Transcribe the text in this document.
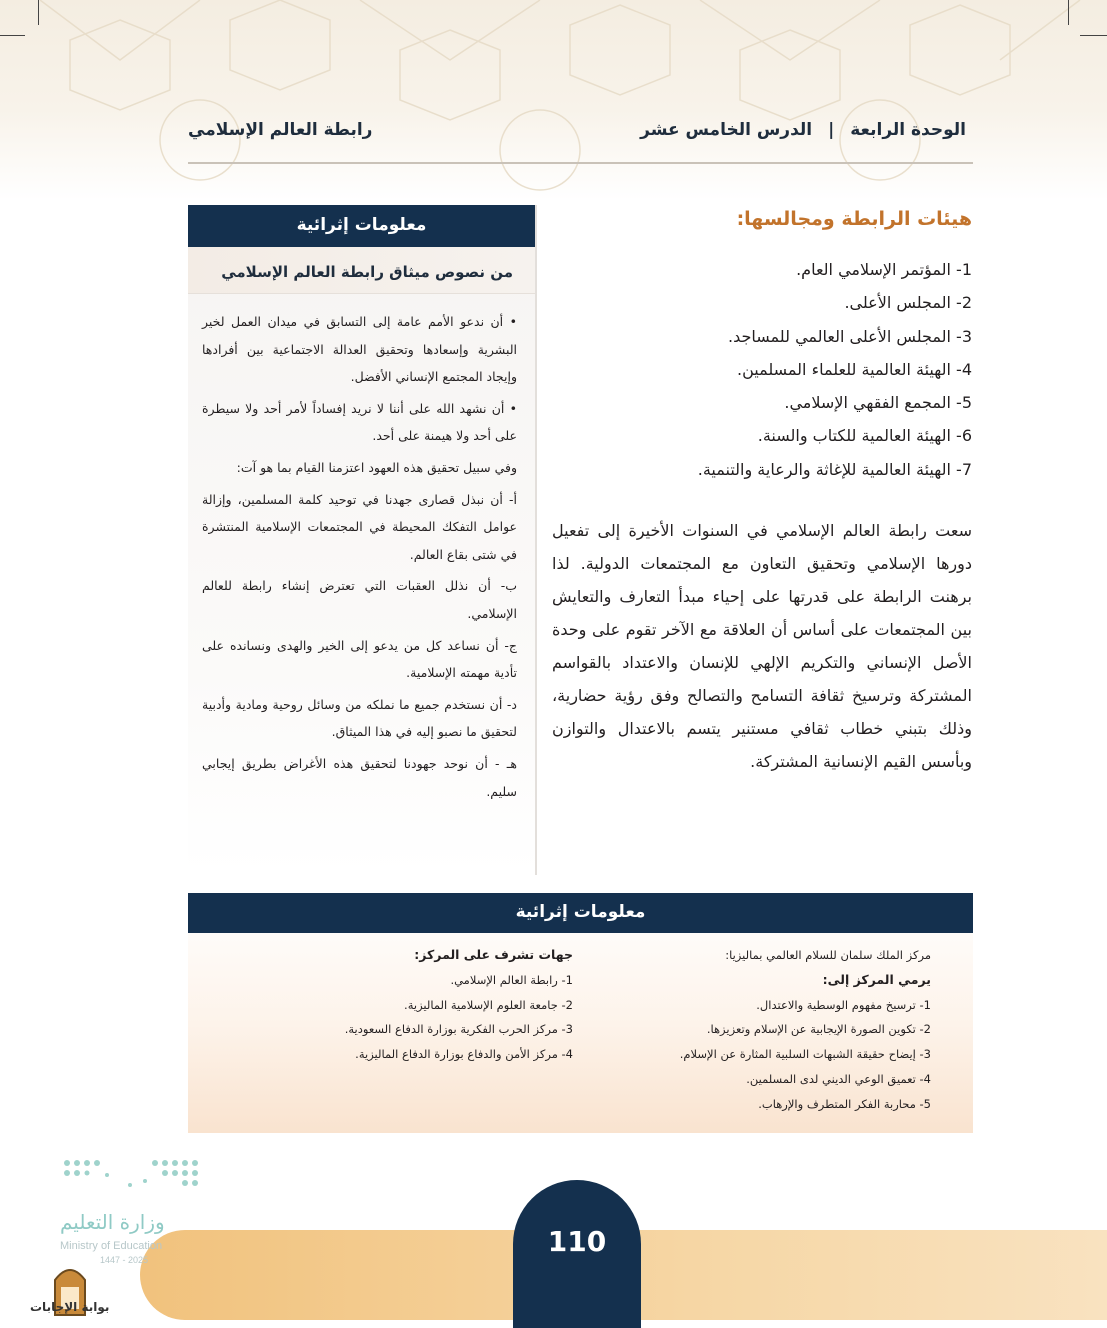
الوحدة الرابعة | الدرس الخامس عشر
رابطة العالم الإسلامي
هيئات الرابطة ومجالسها:
1- المؤتمر الإسلامي العام.
2- المجلس الأعلى.
3- المجلس الأعلى العالمي للمساجد.
4- الهيئة العالمية للعلماء المسلمين.
5- المجمع الفقهي الإسلامي.
6- الهيئة العالمية للكتاب والسنة.
7- الهيئة العالمية للإغاثة والرعاية والتنمية.

سعت رابطة العالم الإسلامي في السنوات الأخيرة إلى تفعيل دورها الإسلامي وتحقيق التعاون مع المجتمعات الدولية. لذا برهنت الرابطة على قدرتها على إحياء مبدأ التعارف والتعايش بين المجتمعات على أساس أن العلاقة مع الآخر تقوم على وحدة الأصل الإنساني والتكريم الإلهي للإنسان والاعتداد بالقواسم المشتركة وترسيخ ثقافة التسامح والتصالح وفق رؤية حضارية، وذلك بتبني خطاب ثقافي مستنير يتسم بالاعتدال والتوازن وبأسس القيم الإنسانية المشتركة.

معلومات إثرائية
من نصوص ميثاق رابطة العالم الإسلامي

• أن ندعو الأمم عامة إلى التسابق في ميدان العمل لخير البشرية وإسعادها وتحقيق العدالة الاجتماعية بين أفرادها وإيجاد المجتمع الإنساني الأفضل.

• أن نشهد الله على أننا لا نريد إفساداً لأمر أحد ولا سيطرة على أحد ولا هيمنة على أحد.

وفي سبيل تحقيق هذه العهود اعتزمنا القيام بما هو آت:

أ- أن نبذل قصارى جهدنا في توحيد كلمة المسلمين، وإزالة عوامل التفكك المحيطة في المجتمعات الإسلامية المنتشرة في شتى بقاع العالم.

ب- أن نذلل العقبات التي تعترض إنشاء رابطة للعالم الإسلامي.

ج- أن نساعد كل من يدعو إلى الخير والهدى ونسانده على تأدية مهمته الإسلامية.

د- أن نستخدم جميع ما نملكه من وسائل روحية ومادية وأدبية لتحقيق ما نصبو إليه في هذا الميثاق.

هـ - أن نوحد جهودنا لتحقيق هذه الأغراض بطريق إيجابي سليم.

معلومات إثرائية
مركز الملك سلمان للسلام العالمي بماليزيا:
يرمي المركز إلى:
1- ترسيخ مفهوم الوسطية والاعتدال.
2- تكوين الصورة الإيجابية عن الإسلام وتعزيزها.
3- إيضاح حقيقة الشبهات السلبية المثارة عن الإسلام.
4- تعميق الوعي الديني لدى المسلمين.
5- محاربة الفكر المتطرف والإرهاب.
جهات تشرف على المركز:
1- رابطة العالم الإسلامي.
2- جامعة العلوم الإسلامية الماليزية.
3- مركز الحرب الفكرية بوزارة الدفاع السعودية.
4- مركز الأمن والدفاع بوزارة الدفاع الماليزية.
110
وزارة التعليم
Ministry of Education
2025 - 1447
بوابة الإجابات
